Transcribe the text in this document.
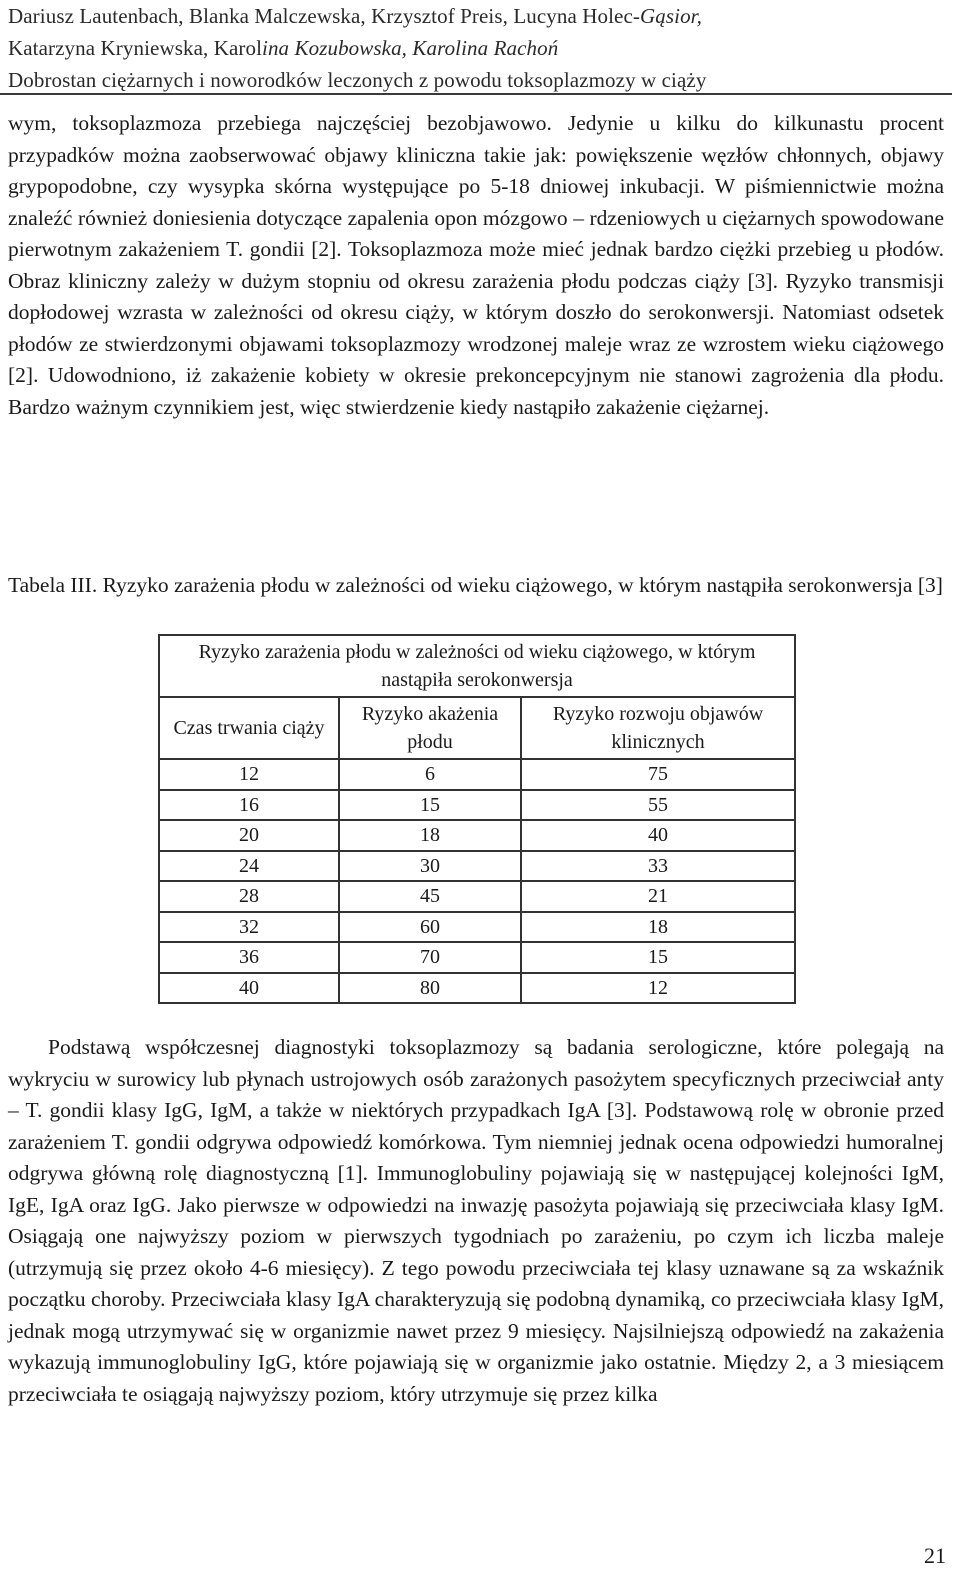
Dariusz Lautenbach, Blanka Malczewska, Krzysztof Preis, Lucyna Holec-Gąsior,
Katarzyna Kryniewska, Karolina Kozubowska, Karolina Rachoń
Dobrostan ciężarnych i noworodków leczonych z powodu toksoplazmozy w ciąży

wym, toksoplazmoza przebiega najczęściej bezobjawowo. Jedynie u kilku do kilkunastu procent przypadków można zaobserwować objawy kliniczna takie jak: powiększenie węzłów chłonnych, objawy grypopodobne, czy wysypka skórna występujące po 5-18 dniowej inkubacji. W piśmiennictwie można znaleźć również doniesienia dotyczące zapalenia opon mózgowo – rdzeniowych u ciężarnych spowodowane pierwotnym zakażeniem T. gondii [2]. Toksoplazmoza może mieć jednak bardzo ciężki przebieg u płodów. Obraz kliniczny zależy w dużym stopniu od okresu zarażenia płodu podczas ciąży [3]. Ryzyko transmisji dopłodowej wzrasta w zależności od okresu ciąży, w którym doszło do serokonwersji. Natomiast odsetek płodów ze stwierdzonymi objawami toksoplazmozy wrodzonej maleje wraz ze wzrostem wieku ciążowego [2]. Udowodniono, iż zakażenie kobiety w okresie prekoncepcyjnym nie stanowi zagrożenia dla płodu. Bardzo ważnym czynnikiem jest, więc stwierdzenie kiedy nastąpiło zakażenie ciężarnej.

Tabela III. Ryzyko zarażenia płodu w zależności od wieku ciążowego, w którym nastąpiła serokonwersja [3]

Ryzyko zarażenia płodu w zależności od wieku ciążowego, w którym nastąpiła serokonwersja		
Czas trwania ciąży	Ryzyko akażenia płodu	Ryzyko rozwoju objawów klinicznych
12	6	75
16	15	55
20	18	40
24	30	33
28	45	21
32	60	18
36	70	15
40	80	12

Podstawą współczesnej diagnostyki toksoplazmozy są badania serologiczne, które polegają na wykryciu w surowicy lub płynach ustrojowych osób zarażonych pasożytem specyficznych przeciwciał anty – T. gondii klasy IgG, IgM, a także w niektórych przypadkach IgA [3]. Podstawową rolę w obronie przed zarażeniem T. gondii odgrywa odpowiedź komórkowa. Tym niemniej jednak ocena odpowiedzi humoralnej odgrywa główną rolę diagnostyczną [1]. Immunoglobuliny pojawiają się w następującej kolejności IgM, IgE, IgA oraz IgG. Jako pierwsze w odpowiedzi na inwazję pasożyta pojawiają się przeciwciała klasy IgM. Osiągają one najwyższy poziom w pierwszych tygodniach po zarażeniu, po czym ich liczba maleje (utrzymują się przez około 4-6 miesięcy). Z tego powodu przeciwciała tej klasy uznawane są za wskaźnik początku choroby. Przeciwciała klasy IgA charakteryzują się podobną dynamiką, co przeciwciała klasy IgM, jednak mogą utrzymywać się w organizmie nawet przez 9 miesięcy. Najsilniejszą odpowiedź na zakażenia wykazują immunoglobuliny IgG, które pojawiają się w organizmie jako ostatnie. Między 2, a 3 miesiącem przeciwciała te osiągają najwyższy poziom, który utrzymuje się przez kilka

21
